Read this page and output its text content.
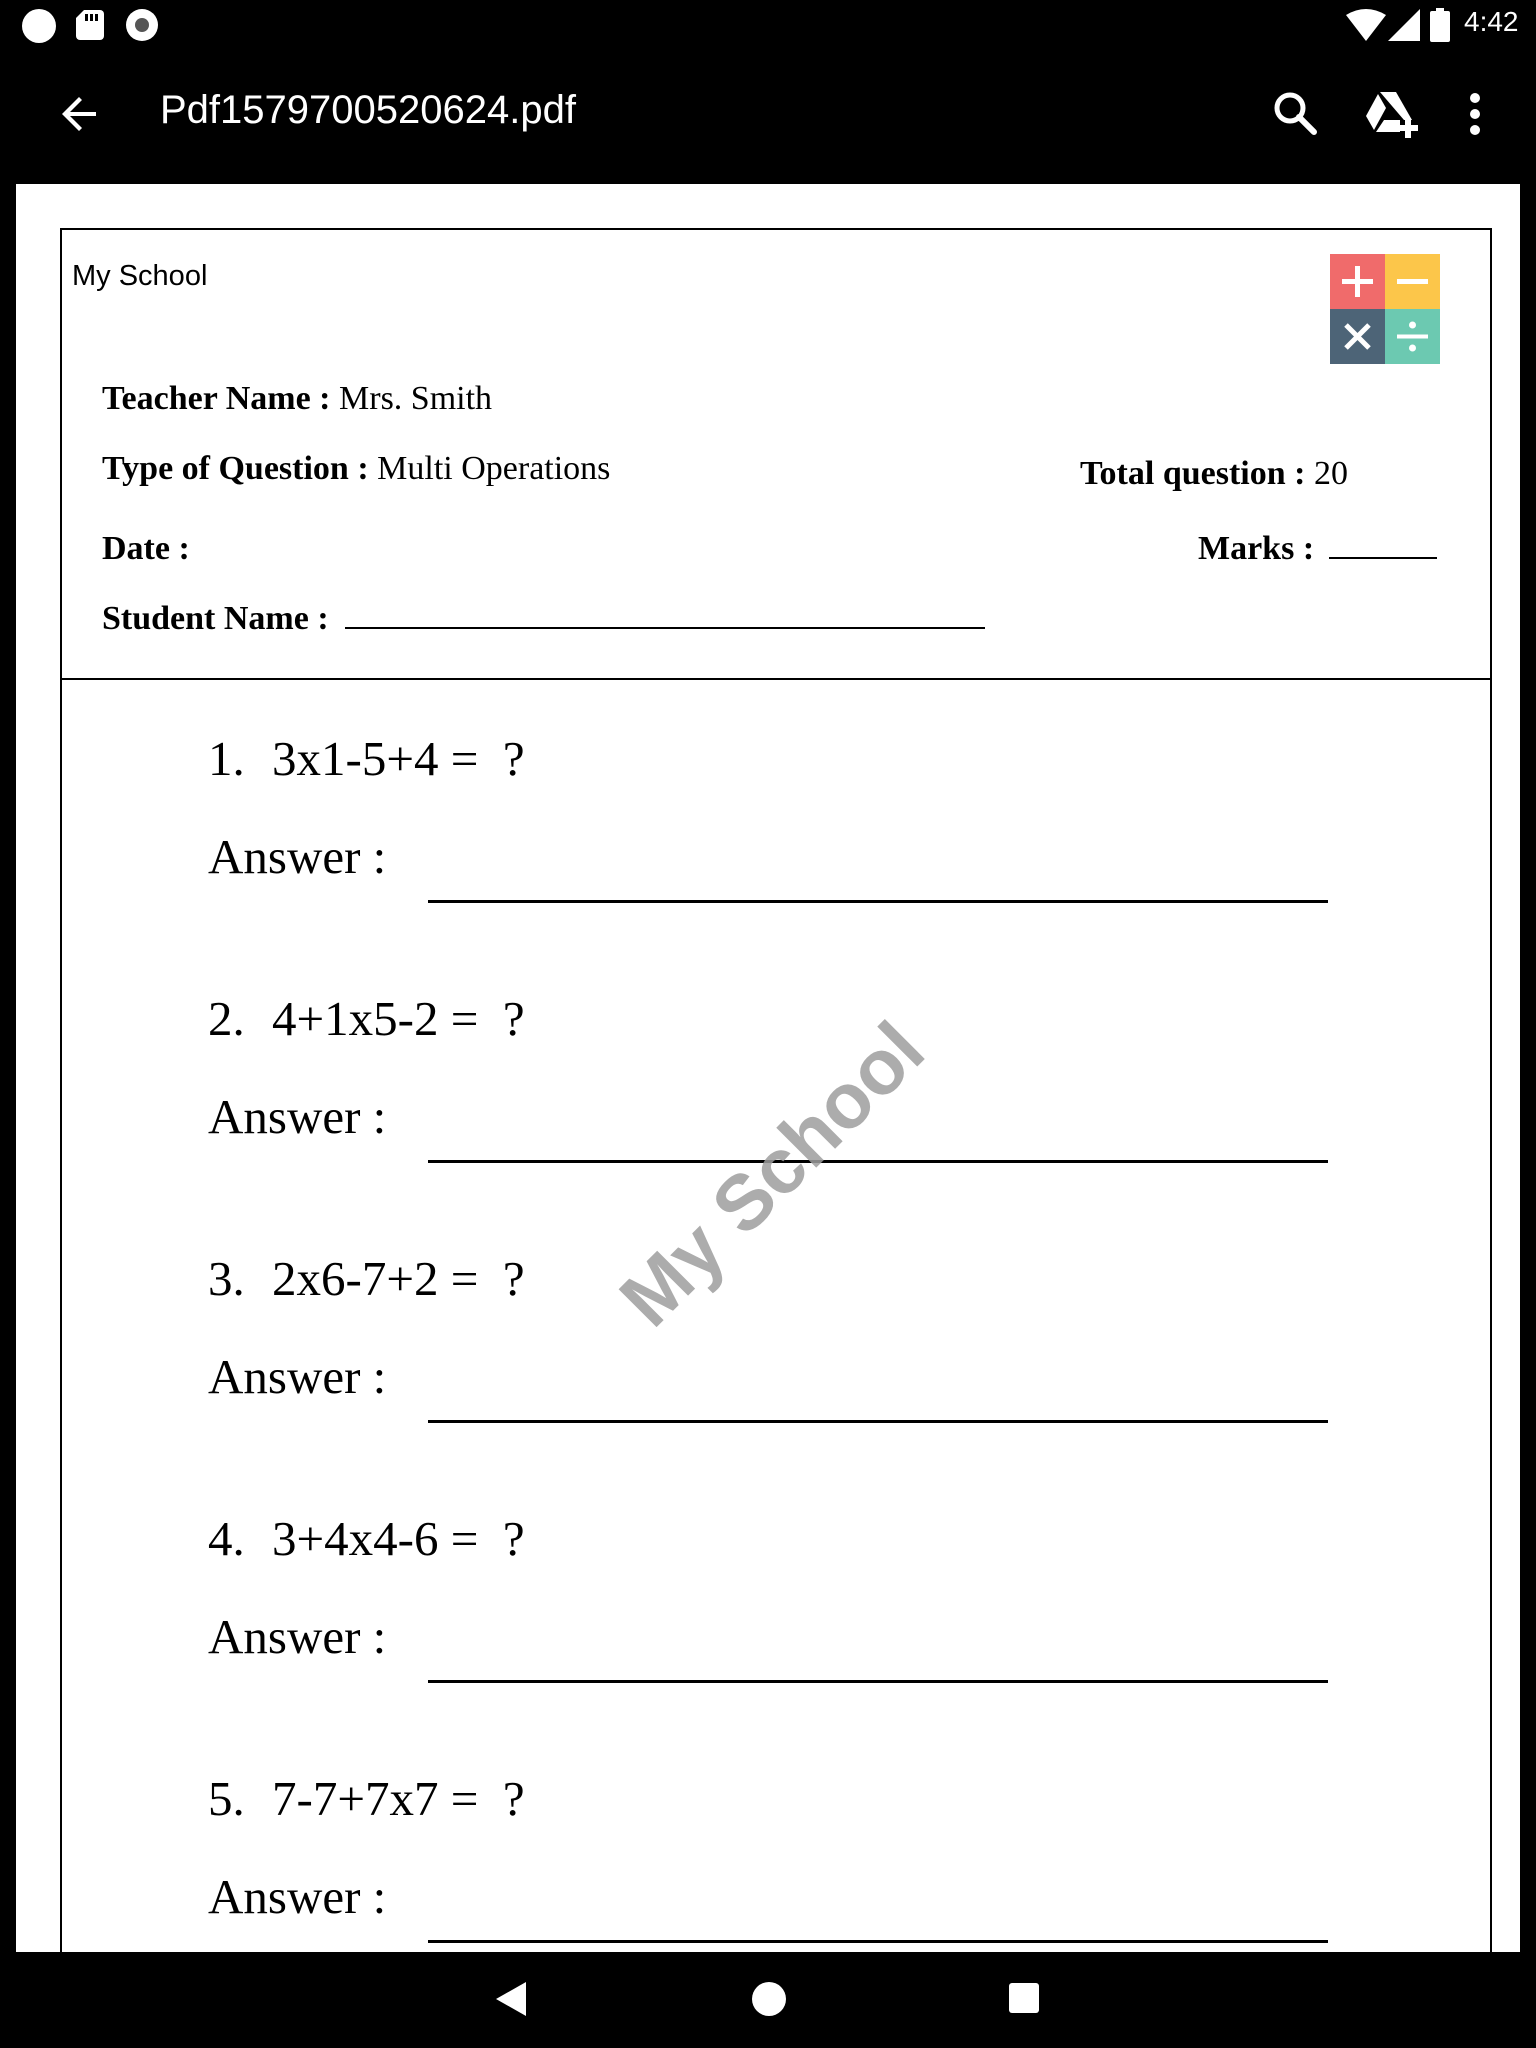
4:42
Pdf1579700520624.pdf
My School
Teacher Name : Mrs. Smith
Type of Question : Multi Operations	Total question : 20
Date :	Marks :
Student Name :
1. 3x1-5+4 =  ?
Answer :
2. 4+1x5-2 =  ?
Answer :
3. 2x6-7+2 =  ?
Answer :
4. 3+4x4-6 =  ?
Answer :
5. 7-7+7x7 =  ?
Answer :
My School
